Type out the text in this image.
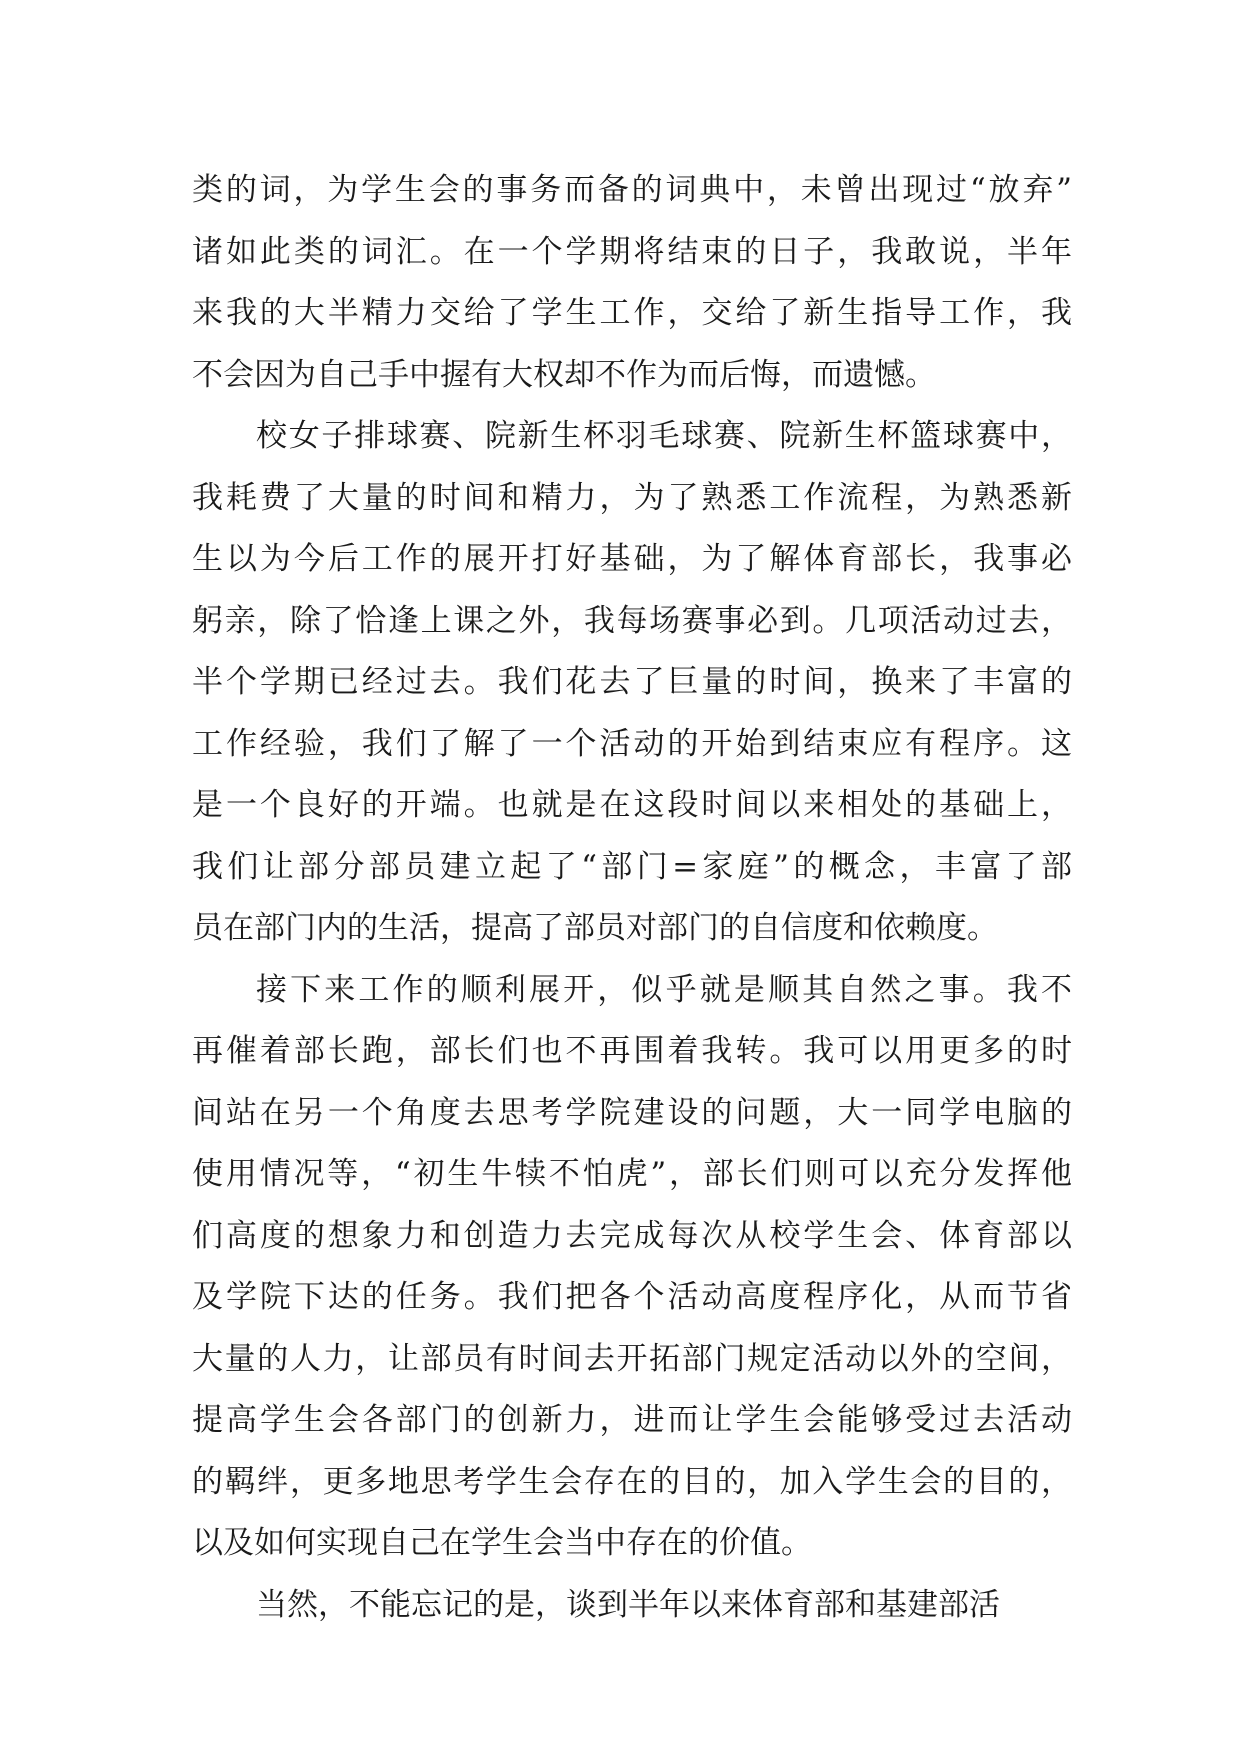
类的词，为学生会的事务而备的词典中，未曾出现过“放弃”
诸如此类的词汇。在一个学期将结束的日子，我敢说，半年
来我的大半精力交给了学生工作，交给了新生指导工作，我
不会因为自己手中握有大权却不作为而后悔，而遗憾。
校女子排球赛、院新生杯羽毛球赛、院新生杯篮球赛中，
我耗费了大量的时间和精力，为了熟悉工作流程，为熟悉新
生以为今后工作的展开打好基础，为了解体育部长，我事必
躬亲，除了恰逢上课之外，我每场赛事必到。几项活动过去，
半个学期已经过去。我们花去了巨量的时间，换来了丰富的
工作经验，我们了解了一个活动的开始到结束应有程序。这
是一个良好的开端。也就是在这段时间以来相处的基础上，
我们让部分部员建立起了“部门=家庭”的概念，丰富了部
员在部门内的生活，提高了部员对部门的自信度和依赖度。
接下来工作的顺利展开，似乎就是顺其自然之事。我不
再催着部长跑，部长们也不再围着我转。我可以用更多的时
间站在另一个角度去思考学院建设的问题，大一同学电脑的
使用情况等，“初生牛犊不怕虎”，部长们则可以充分发挥他
们高度的想象力和创造力去完成每次从校学生会、体育部以
及学院下达的任务。我们把各个活动高度程序化，从而节省
大量的人力，让部员有时间去开拓部门规定活动以外的空间，
提高学生会各部门的创新力，进而让学生会能够受过去活动
的羁绊，更多地思考学生会存在的目的，加入学生会的目的，
以及如何实现自己在学生会当中存在的价值。
当然，不能忘记的是，谈到半年以来体育部和基建部活
